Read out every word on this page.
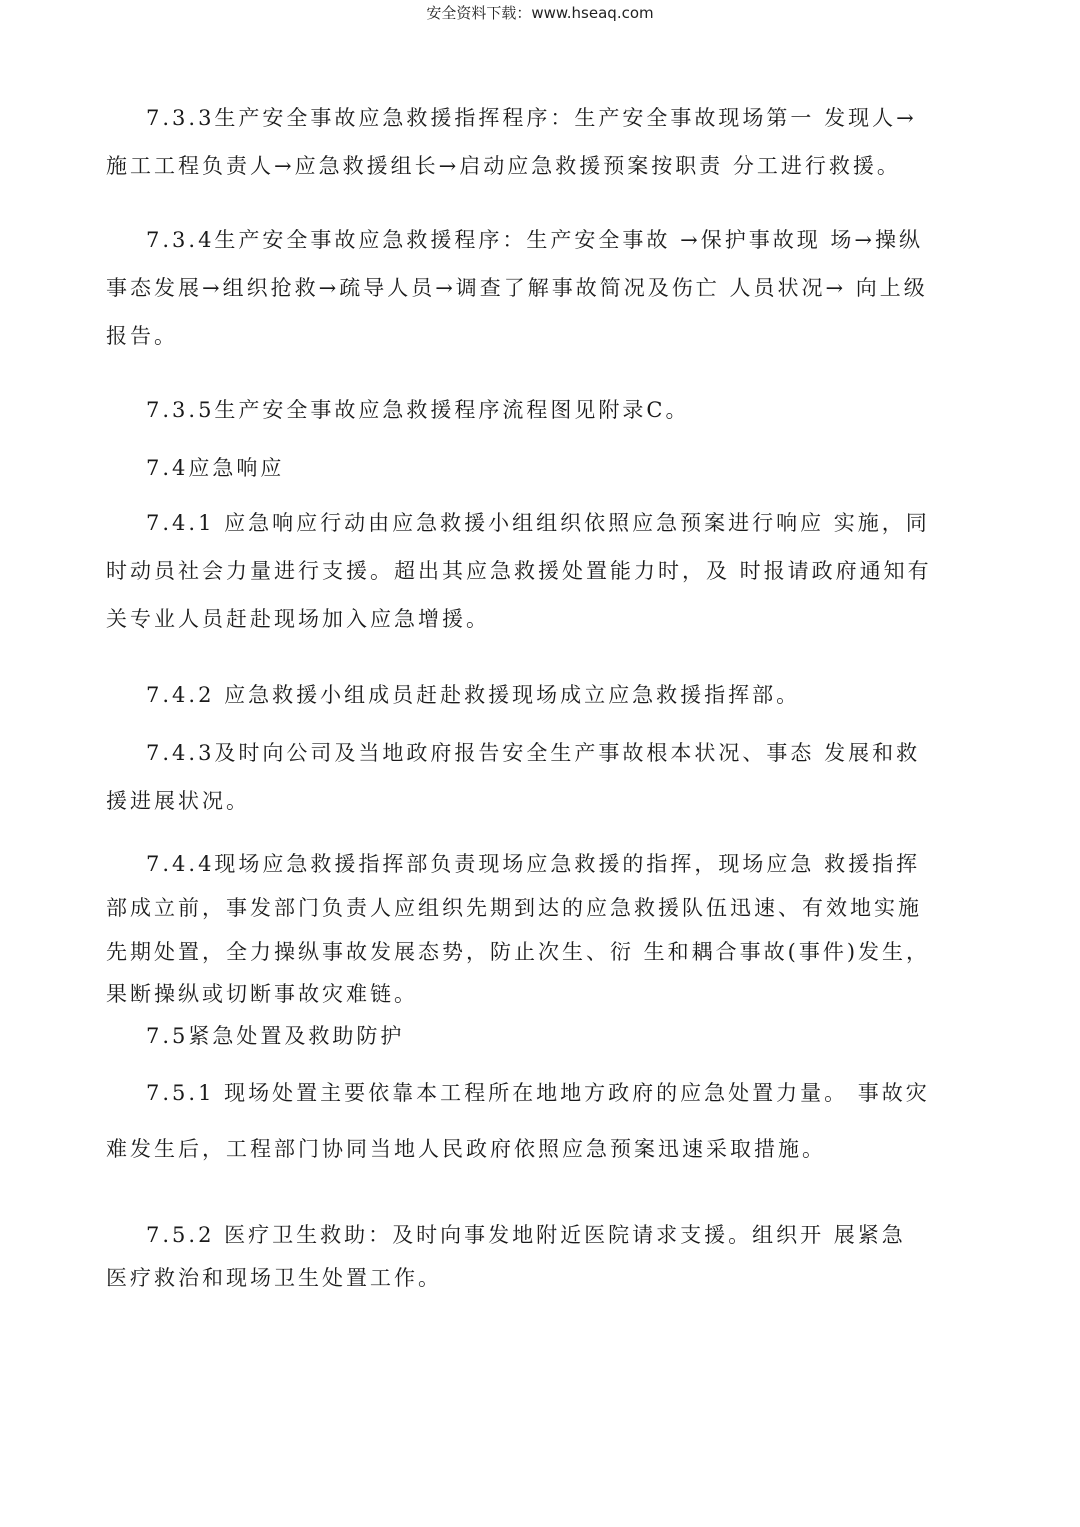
安全资料下载：www.hseaq.com
7.3.3生产安全事故应急救援指挥程序：生产安全事故现场第一 发现人→
施工工程负责人→应急救援组长→启动应急救援预案按职责 分工进行救援。
7.3.4生产安全事故应急救援程序：生产安全事故 →保护事故现 场→操纵
事态发展→组织抢救→疏导人员→调查了解事故简况及伤亡 人员状况→ 向上级
报告。
7.3.5生产安全事故应急救援程序流程图见附录C。
7.4应急响应
7.4.1 应急响应行动由应急救援小组组织依照应急预案进行响应 实施，同
时动员社会力量进行支援。超出其应急救援处置能力时，及 时报请政府通知有
关专业人员赶赴现场加入应急增援。
7.4.2 应急救援小组成员赶赴救援现场成立应急救援指挥部。
7.4.3及时向公司及当地政府报告安全生产事故根本状况、事态 发展和救
援进展状况。
7.4.4现场应急救援指挥部负责现场应急救援的指挥，现场应急 救援指挥
部成立前，事发部门负责人应组织先期到达的应急救援队伍迅速、有效地实施
先期处置，全力操纵事故发展态势，防止次生、衍 生和耦合事故(事件)发生，
果断操纵或切断事故灾难链。
7.5紧急处置及救助防护
7.5.1 现场处置主要依靠本工程所在地地方政府的应急处置力量。 事故灾
难发生后，工程部门协同当地人民政府依照应急预案迅速采取措施。
7.5.2 医疗卫生救助：及时向事发地附近医院请求支援。组织开 展紧急
医疗救治和现场卫生处置工作。
